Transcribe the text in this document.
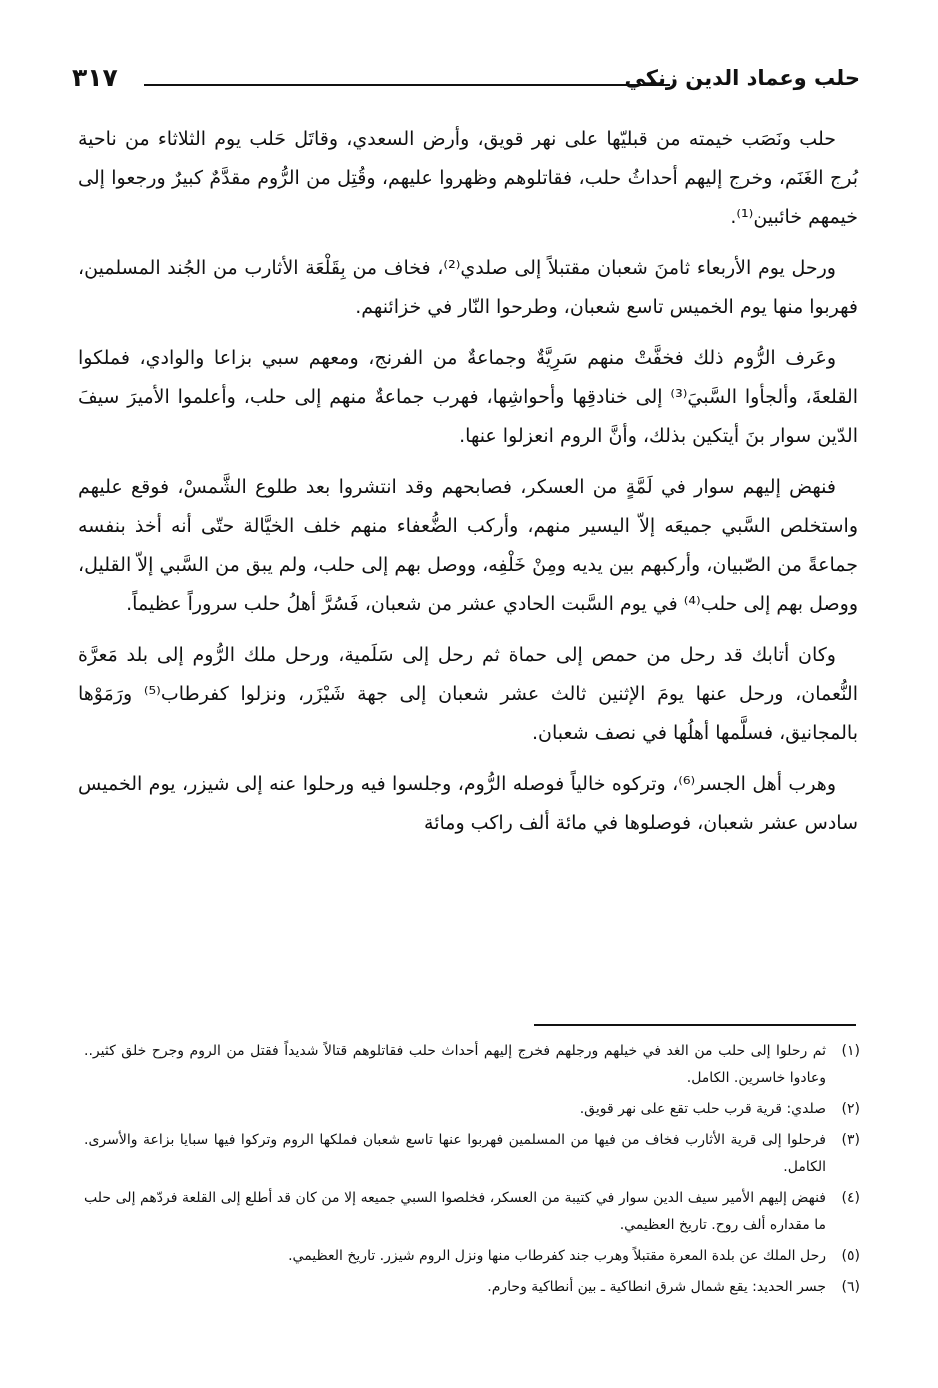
حلب وعماد الدين زنكي
٣١٧

حلب ونَصَب خيمته من قبليّها على نهر قويق، وأرض السعدي، وقاتَل حَلب يوم الثلاثاء من ناحية بُرج الغَنَم، وخرج إليهم أحداثُ حلب، فقاتلوهم وظهروا عليهم، وقُتِل من الرُّوم مقدَّمٌ كبيرٌ ورجعوا إلى خيمهم خائبين⁽¹⁾.

ورحل يوم الأربعاء ثامنَ شعبان مقتبلاً إلى صلدي⁽²⁾، فخاف من بِقَلْعَة الأثارب من الجُند المسلمين، فهربوا منها يوم الخميس تاسع شعبان، وطرحوا النّار في خزائنهم.

وعَرف الرُّوم ذلك فخفَّتْ منهم سَرِيَّةٌ وجماعةٌ من الفرنج، ومعهم سبي بزاعا والوادي، فملكوا القلعةَ، وألجأوا السَّبيَ⁽³⁾ إلى خنادقِها وأحواشِها، فهرب جماعةٌ منهم إلى حلب، وأعلموا الأميرَ سيفَ الدّين سوار بنَ أيتكين بذلك، وأنَّ الروم انعزلوا عنها.

فنهض إليهم سوار في لَمَّةٍ من العسكر، فصابحهم وقد انتشروا بعد طلوع الشَّمسْ، فوقع عليهم واستخلص السَّبي جميعَه إلاّ اليسير منهم، وأركب الضُّعفاء منهم خلف الخيَّالة حتّى أنه أخذ بنفسه جماعةً من الصّبيان، وأركبهم بين يديه ومِنْ خَلْفِه، ووصل بهم إلى حلب، ولم يبق من السَّبي إلاّ القليل، ووصل بهم إلى حلب⁽⁴⁾ في يوم السَّبت الحادي عشر من شعبان، فَسُرَّ أهلُ حلب سروراً عظيماً.

وكان أتابك قد رحل من حمص إلى حماة ثم رحل إلى سَلَمية، ورحل ملك الرُّوم إلى بلد مَعرَّة النُّعمان، ورحل عنها يومَ الإثنين ثالث عشر شعبان إلى جهة شَيْزَر، ونزلوا كفرطاب⁽⁵⁾ ورَمَوْها بالمجانيق، فسلَّمها أهلُها في نصف شعبان.

وهرب أهل الجسر⁽⁶⁾، وتركوه خالياً فوصله الرُّوم، وجلسوا فيه ورحلوا عنه إلى شيزر، يوم الخميس سادس عشر شعبان، فوصلوها في مائة ألف راكب ومائة

(١)
ثم رحلوا إلى حلب من الغد في خيلهم ورجلهم فخرج إليهم أحداث حلب فقاتلوهم قتالاً شديداً فقتل من الروم وجرح خلق كثير.. وعادوا خاسرين. الكامل.
(٢)
صلدي: قرية قرب حلب تقع على نهر قويق.
(٣)
فرحلوا إلى قرية الأثارب فخاف من فيها من المسلمين فهربوا عنها تاسع شعبان فملكها الروم وتركوا فيها سبايا بزاعة والأسرى. الكامل.
(٤)
فنهض إليهم الأمير سيف الدين سوار في كتيبة من العسكر، فخلصوا السبي جميعه إلا من كان قد أطلع إلى القلعة فردّهم إلى حلب ما مقداره ألف روح. تاريخ العظيمي.
(٥)
رحل الملك عن بلدة المعرة مقتبلاً وهرب جند كفرطاب منها ونزل الروم شيزر. تاريخ العظيمي.
(٦)
جسر الحديد: يقع شمال شرق انطاكية ـ بين أنطاكية وحارم.
